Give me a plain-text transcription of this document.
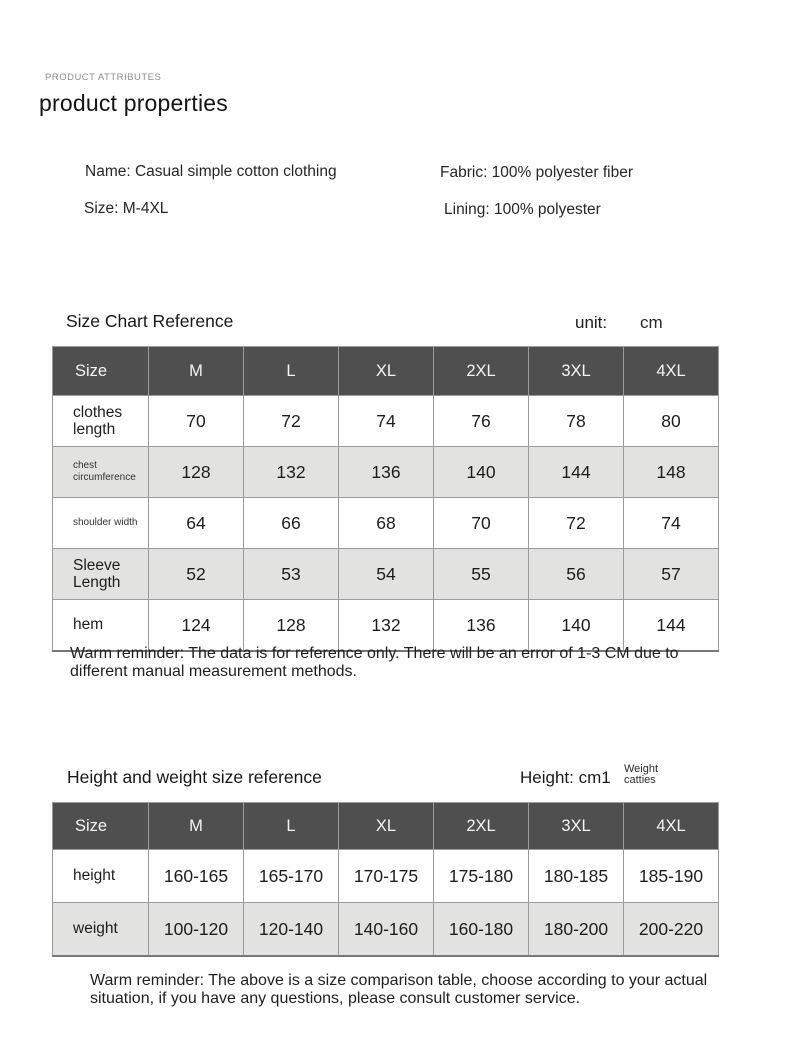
PRODUCT ATTRIBUTES
product properties
Name: Casual simple cotton clothing	Fabric: 100% polyester fiber
Size: M-4XL	Lining: 100% polyester
Size Chart Reference	unit: cm
Size	M	L	XL	2XL	3XL	4XL
clothes length	70	72	74	76	78	80
chest circumference	128	132	136	140	144	148
shoulder width	64	66	68	70	72	74
Sleeve Length	52	53	54	55	56	57
hem	124	128	132	136	140	144
Warm reminder: The data is for reference only. There will be an error of 1-3 CM due to different manual measurement methods.
Height and weight size reference	Height: cm1 Weight
catties
Size	M	L	XL	2XL	3XL	4XL
height	160-165	165-170	170-175	175-180	180-185	185-190
weight	100-120	120-140	140-160	160-180	180-200	200-220
Warm reminder: The above is a size comparison table, choose according to your actual situation, if you have any questions, please consult customer service.
